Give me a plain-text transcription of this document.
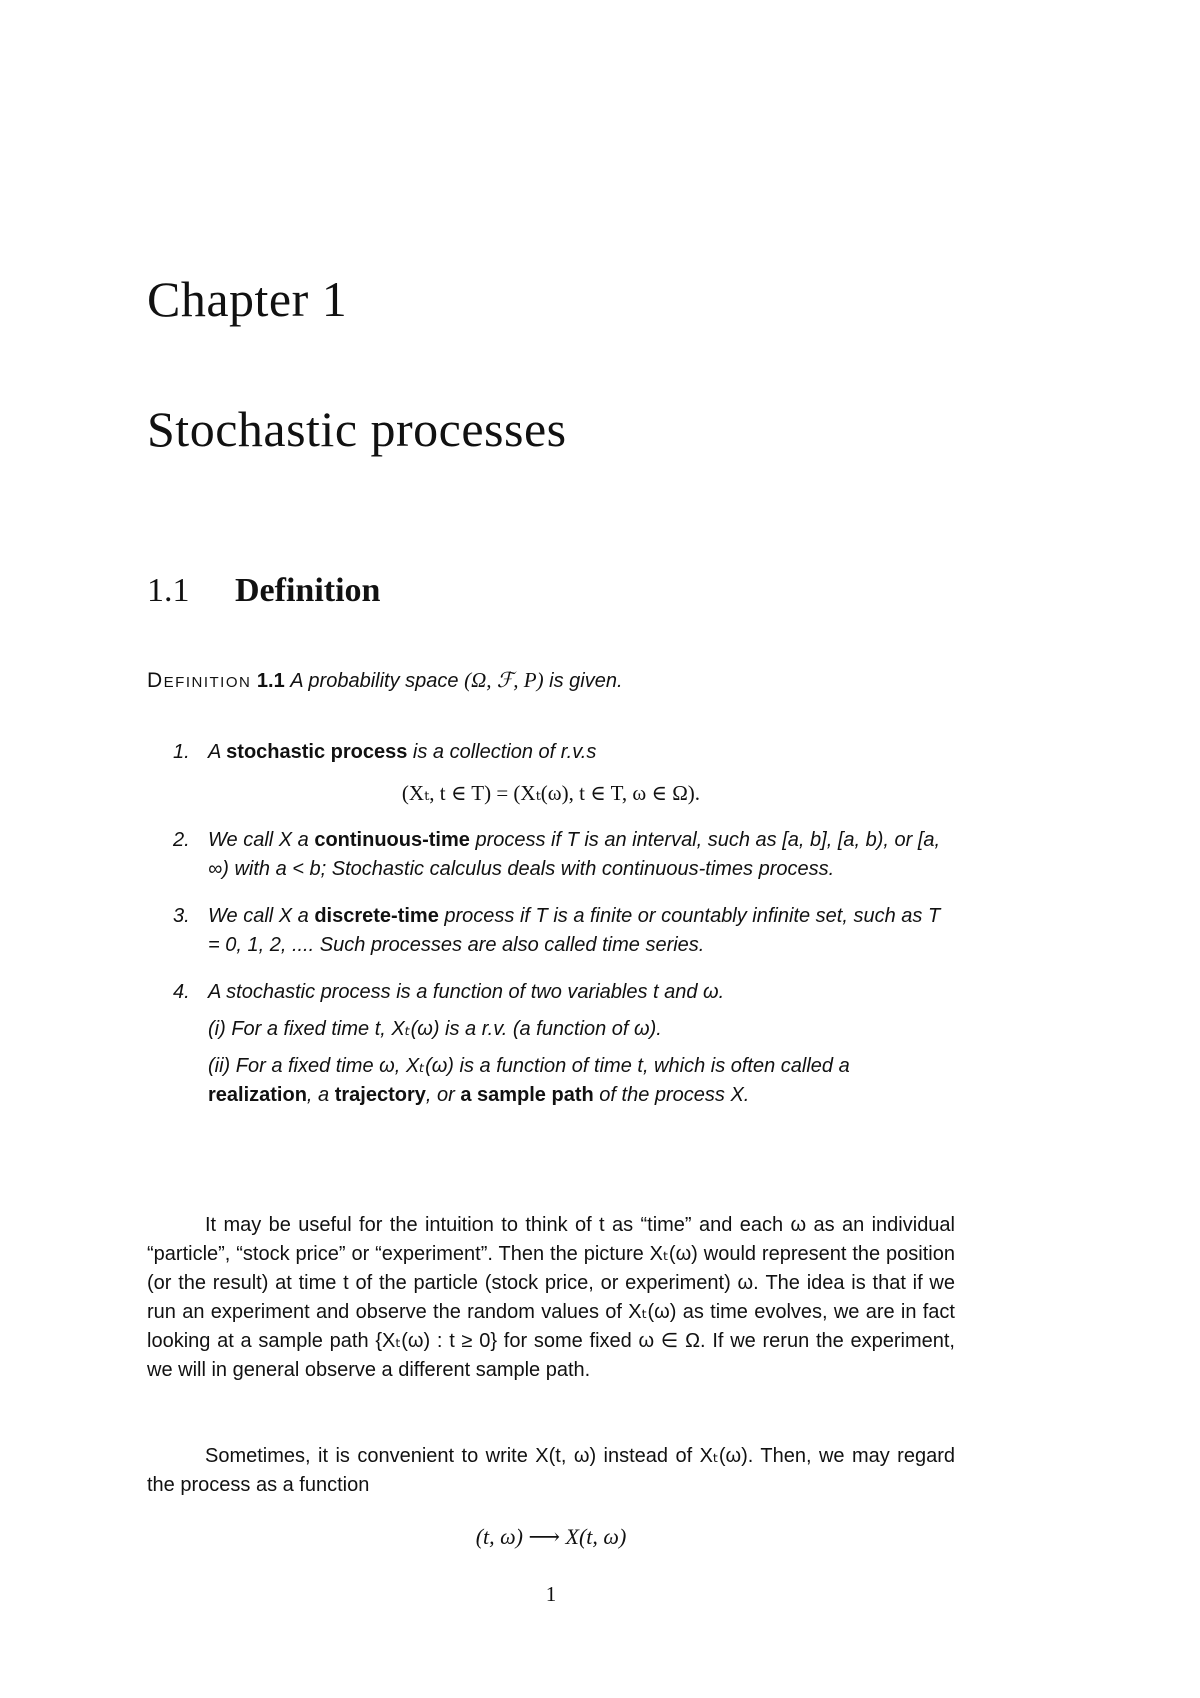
Chapter 1
Stochastic processes
1.1 Definition
Definition 1.1 A probability space (Ω, ℱ, P) is given.
1. A stochastic process is a collection of r.v.s
(Xₜ, t ∈ T) = (Xₜ(ω), t ∈ T, ω ∈ Ω).
2. We call X a continuous-time process if T is an interval, such as [a, b], [a, b), or [a, ∞) with a < b; Stochastic calculus deals with continuous-times process.
3. We call X a discrete-time process if T is a finite or countably infinite set, such as T = 0, 1, 2, .... Such processes are also called time series.
4. A stochastic process is a function of two variables t and ω.
(i) For a fixed time t, Xₜ(ω) is a r.v. (a function of ω).
(ii) For a fixed time ω, Xₜ(ω) is a function of time t, which is often called a realization, a trajectory, or a sample path of the process X.

It may be useful for the intuition to think of t as “time” and each ω as an individual “particle”, “stock price” or “experiment”. Then the picture Xₜ(ω) would represent the position (or the result) at time t of the particle (stock price, or experiment) ω. The idea is that if we run an experiment and observe the random values of Xₜ(ω) as time evolves, we are in fact looking at a sample path {Xₜ(ω) : t ≥ 0} for some fixed ω ∈ Ω. If we rerun the experiment, we will in general observe a different sample path.

Sometimes, it is convenient to write X(t, ω) instead of Xₜ(ω). Then, we may regard the process as a function

(t, ω) ⟶ X(t, ω)
1
